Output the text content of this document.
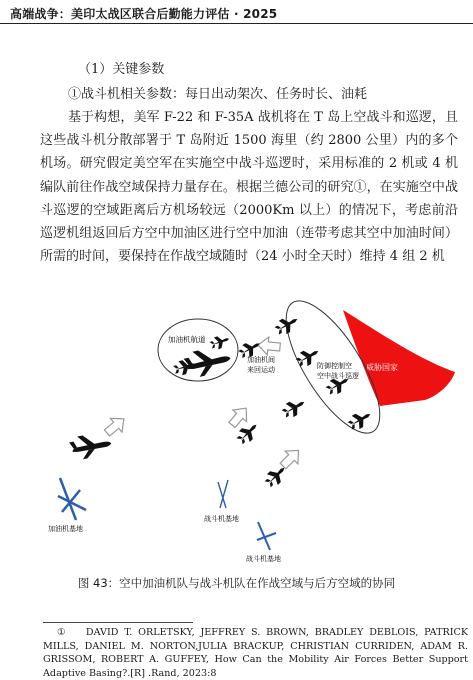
高端战争：美印太战区联合后勤能力评估 · 2025
（1）关键参数
①战斗机相关参数：每日出动架次、任务时长、油耗

基于构想，美军 F-22 和 F-35A 战机将在 T 岛上空战斗和巡逻，且这些战斗机分散部署于 T 岛附近 1500 海里（约 2800 公里）内的多个机场。研究假定美空军在实施空中战斗巡逻时，采用标准的 2 机或 4 机编队前往作战空域保持力量存在。根据兰德公司的研究①，在实施空中战斗巡逻的空域距离后方机场较远（2000Km 以上）的情况下，考虑前沿巡逻机组返回后方空中加油区进行空中加油（连带考虑其空中加油时间）所需的时间，要保持在作战空域随时（24 小时全天时）维持 4 组 2 机

威胁国家
加油机航道
防御控制空
空中战斗巡逻
加油机间
来回运动
加油机基地
战斗机基地
战斗机基地
图 43：空中加油机队与战斗机队在作战空域与后方空域的协同

① DAVID T. ORLETSKY, JEFFREY S. BROWN, BRADLEY DEBLOIS, PATRICK MILLS, DANIEL M. NORTON,JULIA BRACKUP, CHRISTIAN CURRIDEN, ADAM R. GRISSOM, ROBERT A. GUFFEY, How Can the Mobility Air Forces Better Support Adaptive Basing?.[R] .Rand, 2023:8
